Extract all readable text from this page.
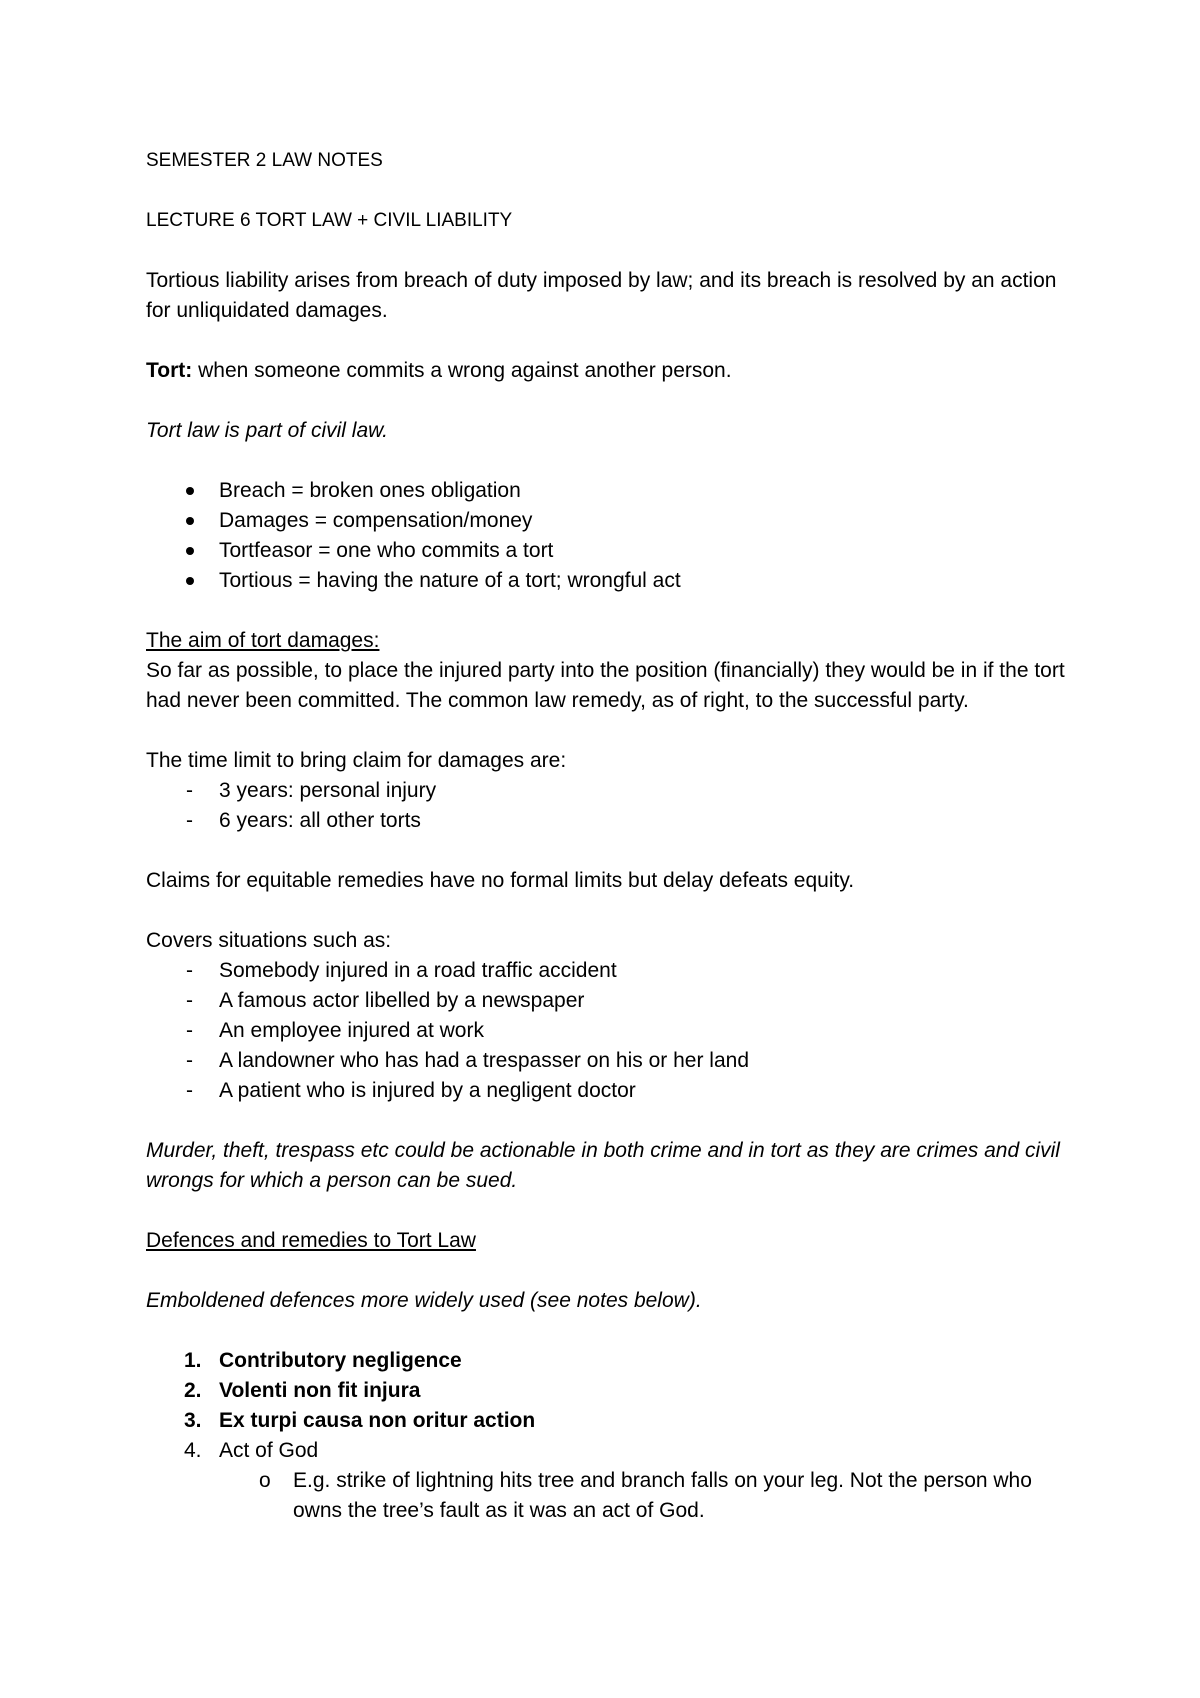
SEMESTER 2 LAW NOTES

LECTURE 6 TORT LAW + CIVIL LIABILITY

Tortious liability arises from breach of duty imposed by law; and its breach is resolved by an action for unliquidated damages.

Tort: when someone commits a wrong against another person.

Tort law is part of civil law.

Breach = broken ones obligation
Damages = compensation/money
Tortfeasor = one who commits a tort
Tortious = having the nature of a tort; wrongful act

The aim of tort damages:

So far as possible, to place the injured party into the position (financially) they would be in if the tort had never been committed. The common law remedy, as of right, to the successful party.

The time limit to bring claim for damages are:

- 3 years: personal injury
- 6 years: all other torts

Claims for equitable remedies have no formal limits but delay defeats equity.

Covers situations such as:

- Somebody injured in a road traffic accident
- A famous actor libelled by a newspaper
- An employee injured at work
- A landowner who has had a trespasser on his or her land
- A patient who is injured by a negligent doctor

Murder, theft, trespass etc could be actionable in both crime and in tort as they are crimes and civil wrongs for which a person can be sued.

Defences and remedies to Tort Law

Emboldened defences more widely used (see notes below).

1. Contributory negligence
2. Volenti non fit injura
3. Ex turpi causa non oritur action
4. Act of God
o E.g. strike of lightning hits tree and branch falls on your leg. Not the person who owns the tree’s fault as it was an act of God.
